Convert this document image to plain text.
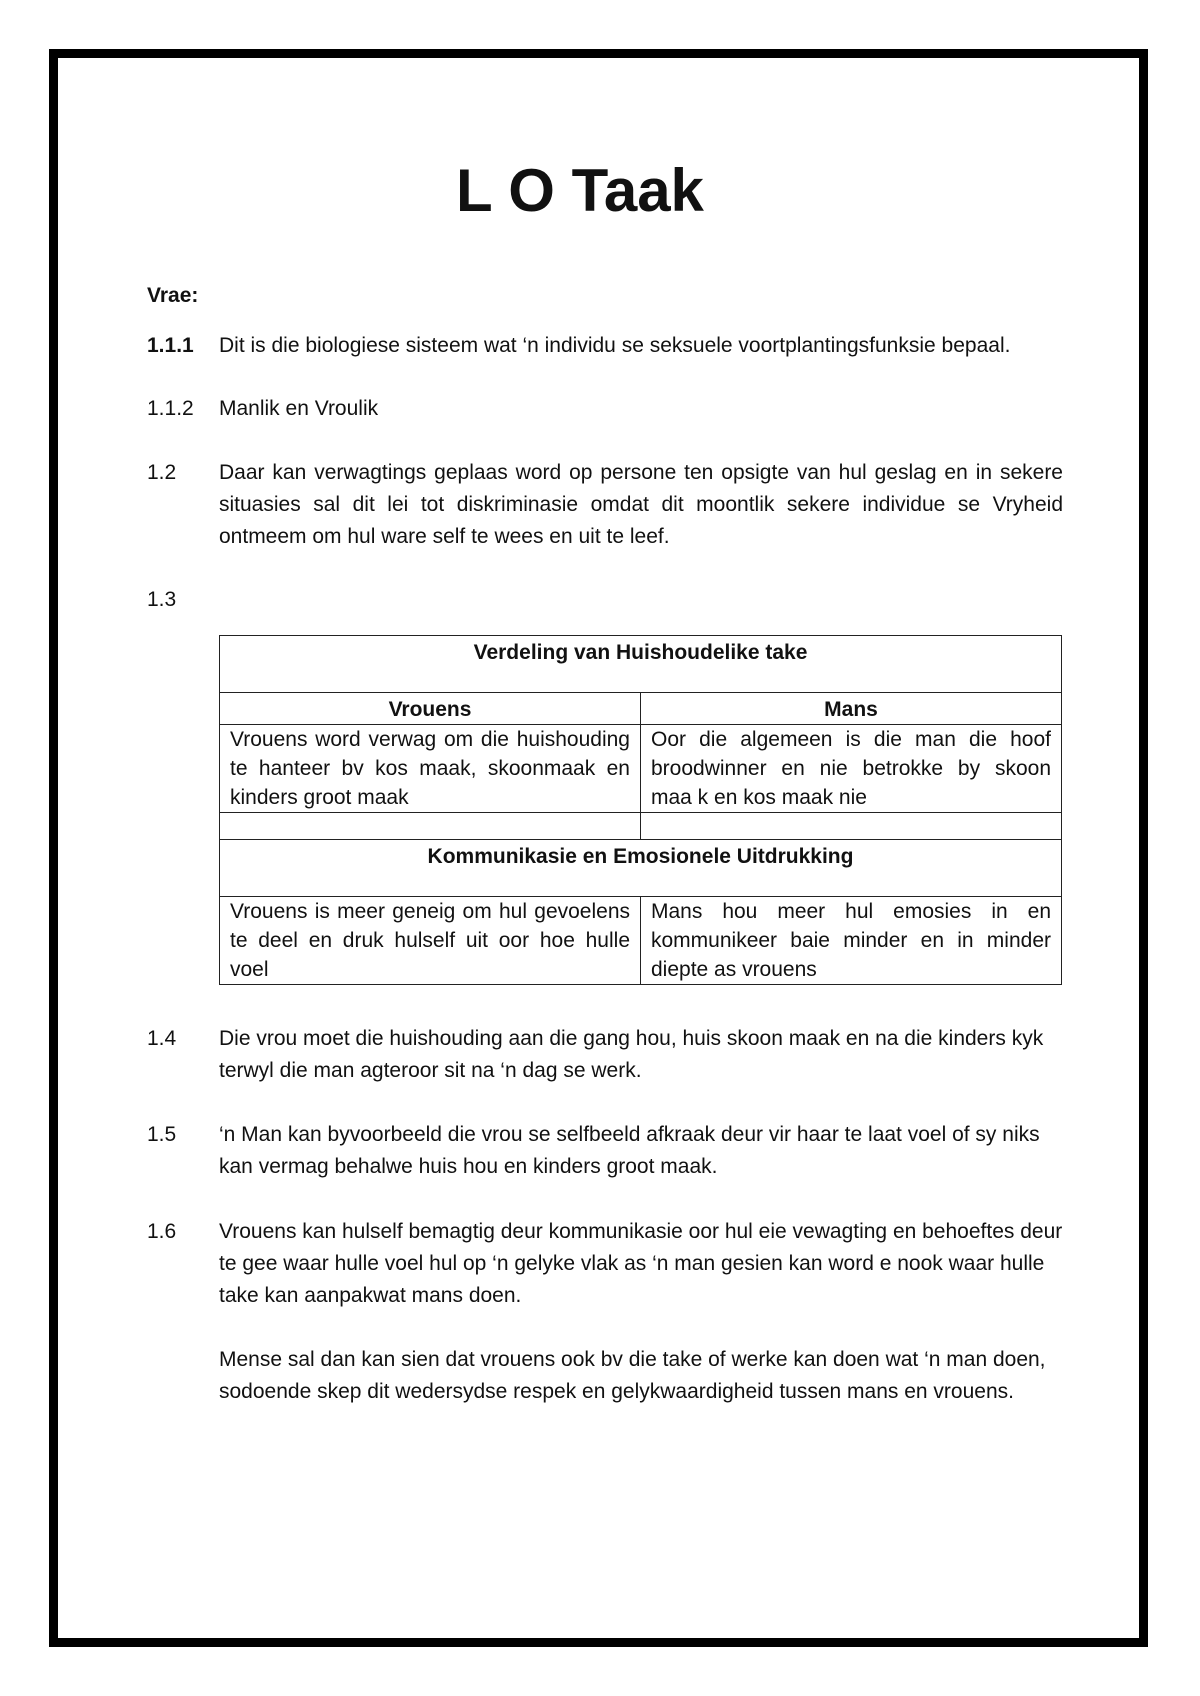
L O Taak
Vrae:
1.1.1	Dit is die biologiese sisteem wat ‘n individu se seksuele voortplantingsfunksie bepaal.
1.1.2	Manlik en Vroulik
1.2	Daar kan verwagtings geplaas word op persone ten opsigte van hul geslag en in sekere situasies sal dit lei tot diskriminasie omdat dit moontlik sekere individue se Vryheid ontmeem om hul ware self te wees en uit te leef.
1.3
Verdeling van Huishoudelike take	
Vrouens	Mans
Vrouens word verwag om die huishouding te hanteer bv kos maak, skoonmaak en kinders groot maak	Oor die algemeen is die man die hoof broodwinner en nie betrokke by skoon maa k en kos maak nie

Kommunikasie en Emosionele Uitdrukking	
Vrouens is meer geneig om hul gevoelens te deel en druk hulself uit oor hoe hulle voel	Mans hou meer hul emosies in en kommunikeer baie minder en in minder diepte as vrouens
1.4	Die vrou moet die huishouding aan die gang hou, huis skoon maak en na die kinders kyk terwyl die man agteroor sit na ‘n dag se werk.
1.5	‘n Man kan byvoorbeeld die vrou se selfbeeld afkraak deur vir haar te laat voel of sy niks kan vermag behalwe huis hou en kinders groot maak.
1.6	Vrouens kan hulself bemagtig deur kommunikasie oor hul eie vewagting en behoeftes deur te gee waar hulle voel hul op ‘n gelyke vlak as ‘n man gesien kan word e nook waar hulle take kan aanpakwat mans doen.
Mense sal dan kan sien dat vrouens ook bv die take of werke kan doen wat ‘n man doen, sodoende skep dit wedersydse respek en gelykwaardigheid tussen mans en vrouens.
